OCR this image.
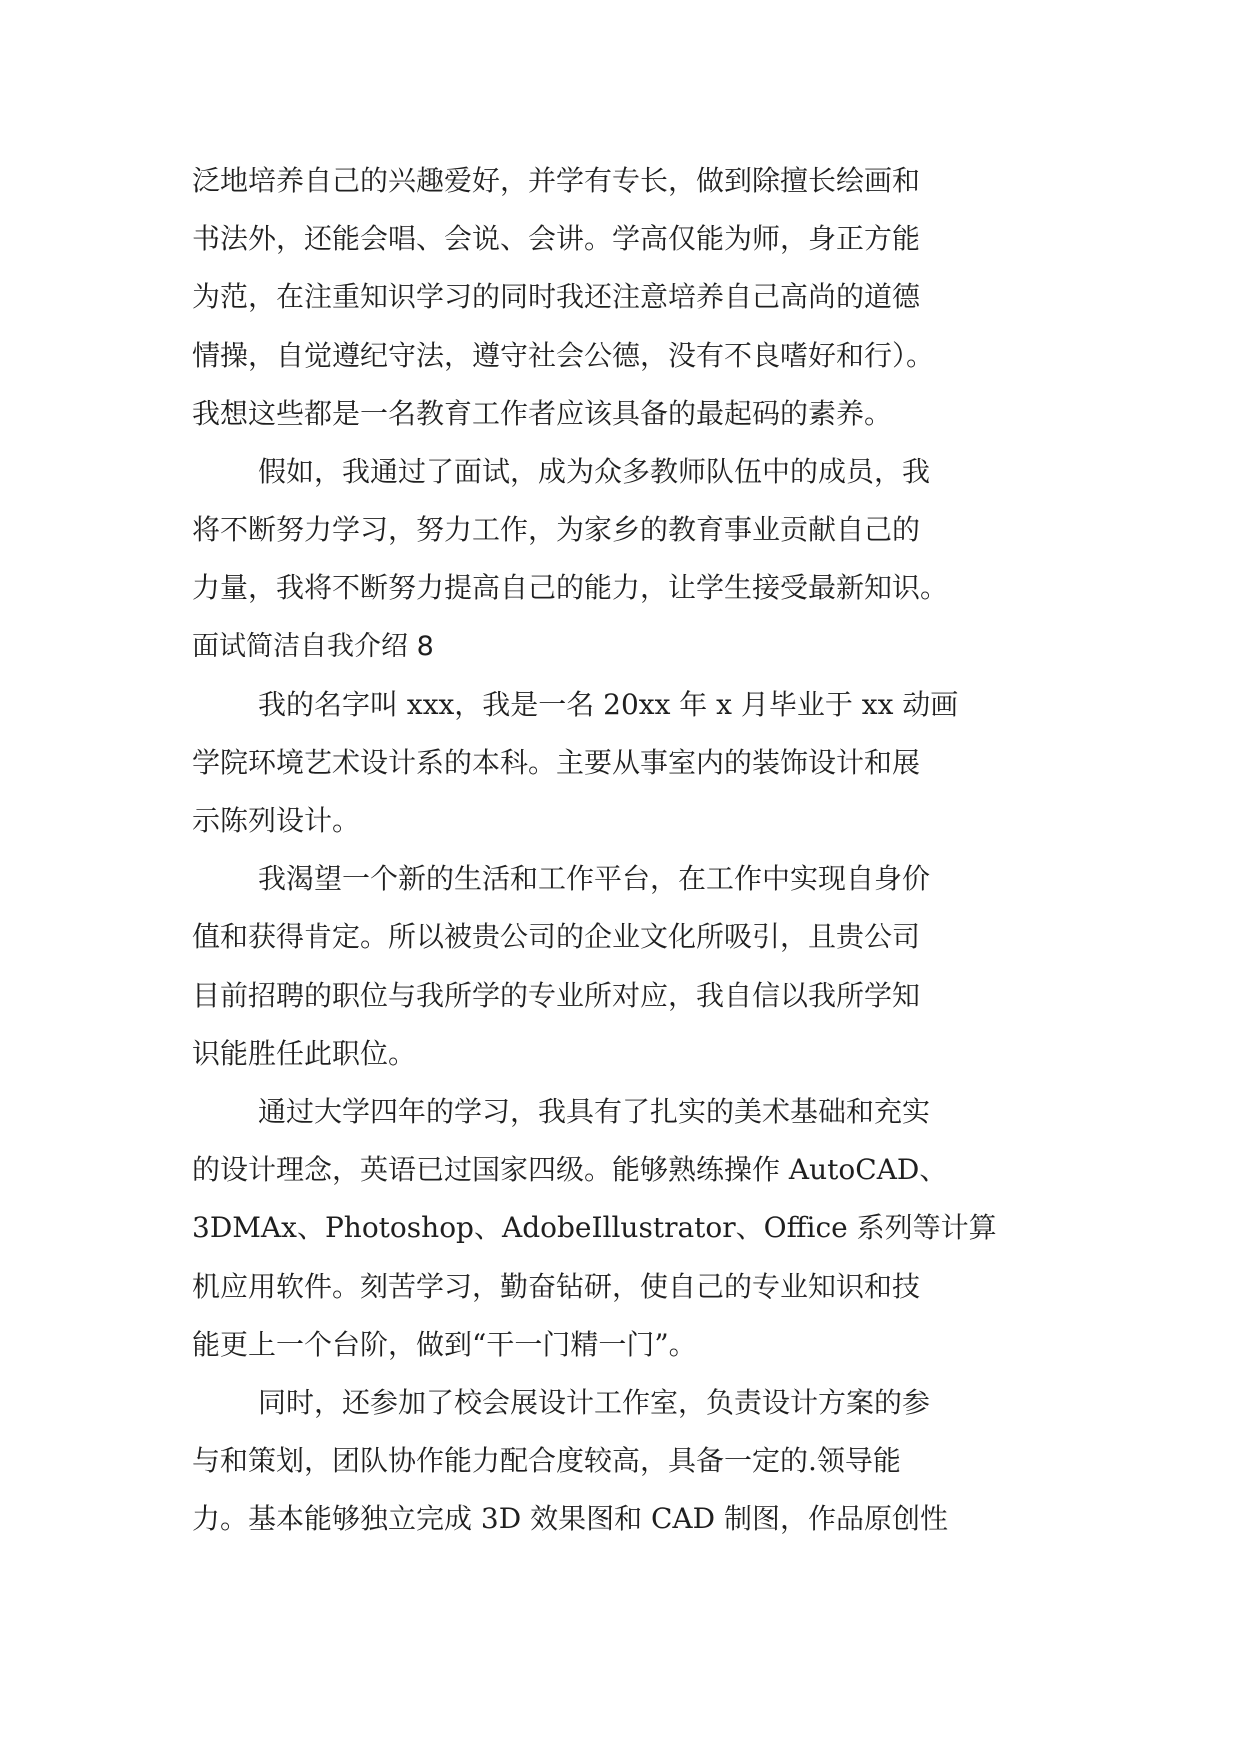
泛地培养自己的兴趣爱好，并学有专长，做到除擅长绘画和
书法外，还能会唱、会说、会讲。学高仅能为师，身正方能
为范，在注重知识学习的同时我还注意培养自己高尚的道德
情操，自觉遵纪守法，遵守社会公德，没有不良嗜好和行）。
我想这些都是一名教育工作者应该具备的最起码的素养。
假如，我通过了面试，成为众多教师队伍中的成员，我
将不断努力学习，努力工作，为家乡的教育事业贡献自己的
力量，我将不断努力提高自己的能力，让学生接受最新知识。
面试简洁自我介绍 8
我的名字叫 xxx，我是一名 20xx 年 x 月毕业于 xx 动画
学院环境艺术设计系的本科。主要从事室内的装饰设计和展
示陈列设计。
我渴望一个新的生活和工作平台，在工作中实现自身价
值和获得肯定。所以被贵公司的企业文化所吸引，且贵公司
目前招聘的职位与我所学的专业所对应，我自信以我所学知
识能胜任此职位。
通过大学四年的学习，我具有了扎实的美术基础和充实
的设计理念，英语已过国家四级。能够熟练操作 AutoCAD、
3DMAx、Photoshop、AdobeIllustrator、Office 系列等计算
机应用软件。刻苦学习，勤奋钻研，使自己的专业知识和技
能更上一个台阶，做到“干一门精一门”。
同时，还参加了校会展设计工作室，负责设计方案的参
与和策划，团队协作能力配合度较高，具备一定的.领导能
力。基本能够独立完成 3D 效果图和 CAD 制图，作品原创性
